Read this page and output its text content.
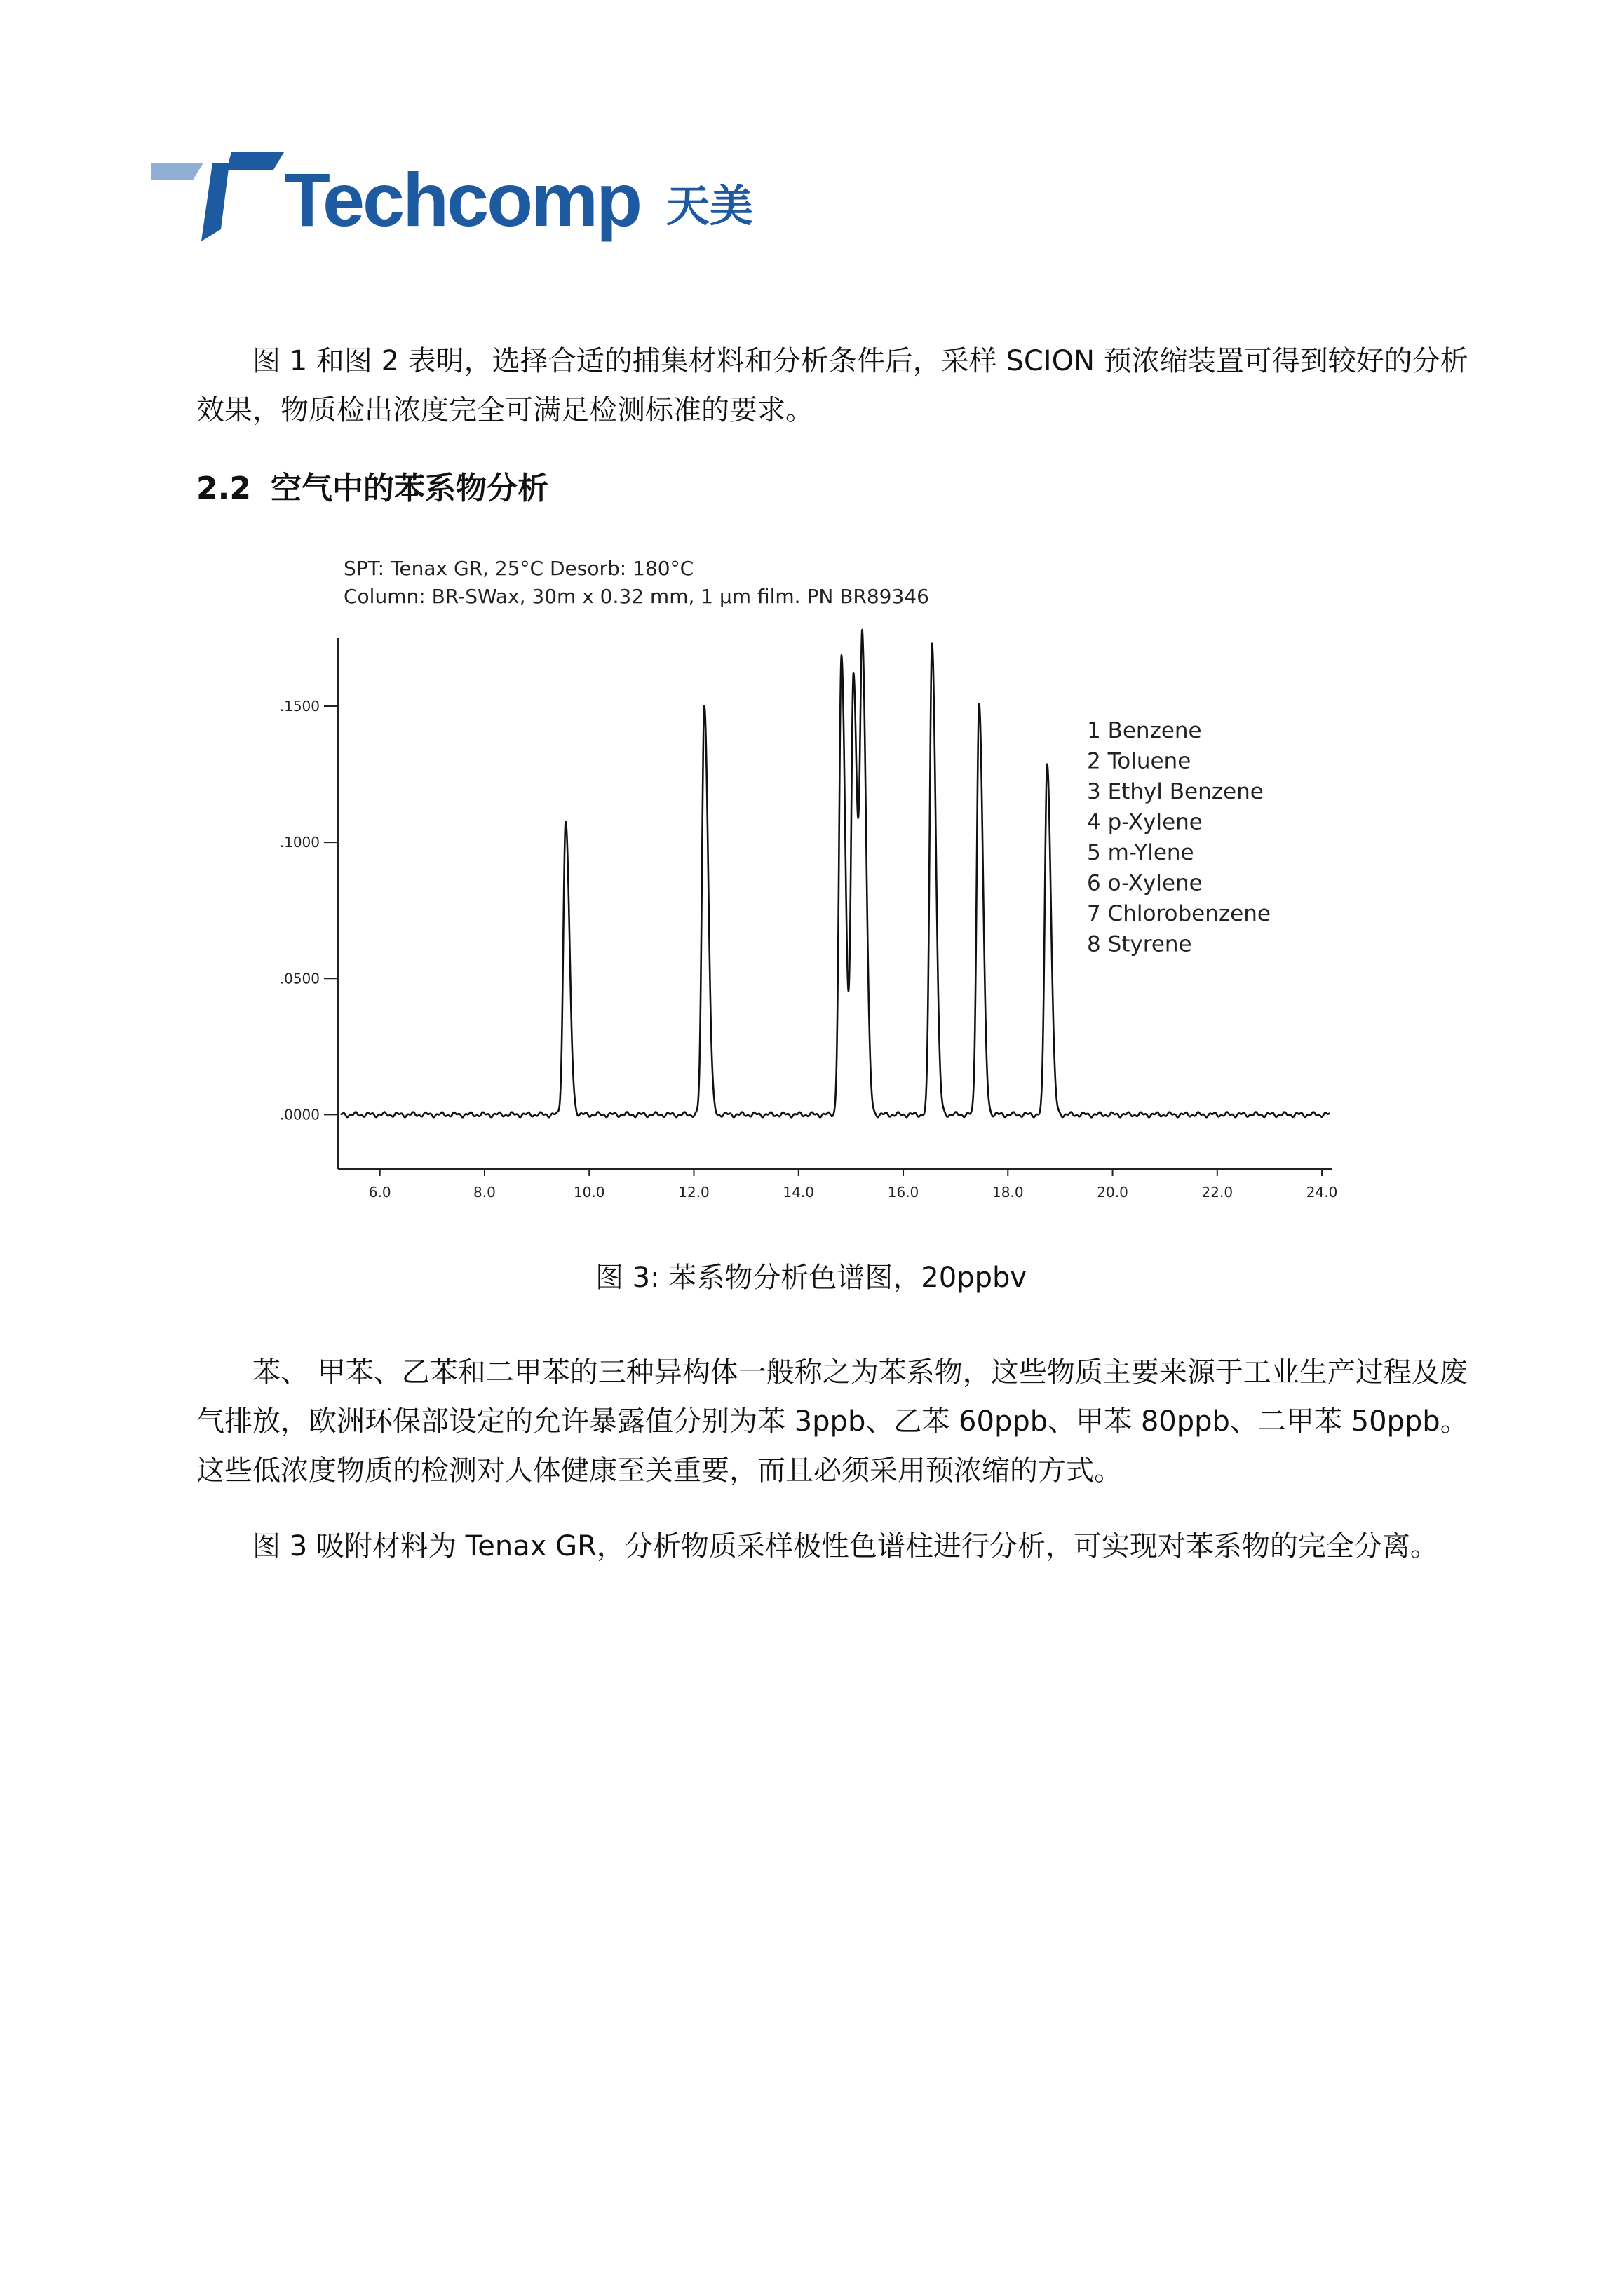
Techcomp 天美

图 1 和图 2 表明，选择合适的捕集材料和分析条件后，采样 SCION 预浓缩装置可得到较好的分析效果，物质检出浓度完全可满足检测标准的要求。

2.2 空气中的苯系物分析
SPT: Tenax GR, 25°C Desorb: 180°C
Column: BR-SWax, 30m x 0.32 mm, 1 µm film. PN BR89346
6.0	8.0	10.0	12.0	14.0	16.0	18.0	20.0	22.0	24.0
.0000
.0500
.1000
.1500
1 Benzene
2 Toluene
3 Ethyl Benzene
4 p-Xylene
5 m-Ylene
6 o-Xylene
7 Chlorobenzene
8 Styrene
图 3: 苯系物分析色谱图，20ppbv

苯、 甲苯、乙苯和二甲苯的三种异构体一般称之为苯系物，这些物质主要来源于工业生产过程及废气排放，欧洲环保部设定的允许暴露值分别为苯 3ppb、乙苯 60ppb、甲苯 80ppb、二甲苯 50ppb。这些低浓度物质的检测对人体健康至关重要，而且必须采用预浓缩的方式。

图 3 吸附材料为 Tenax GR，分析物质采样极性色谱柱进行分析，可实现对苯系物的完全分离。
